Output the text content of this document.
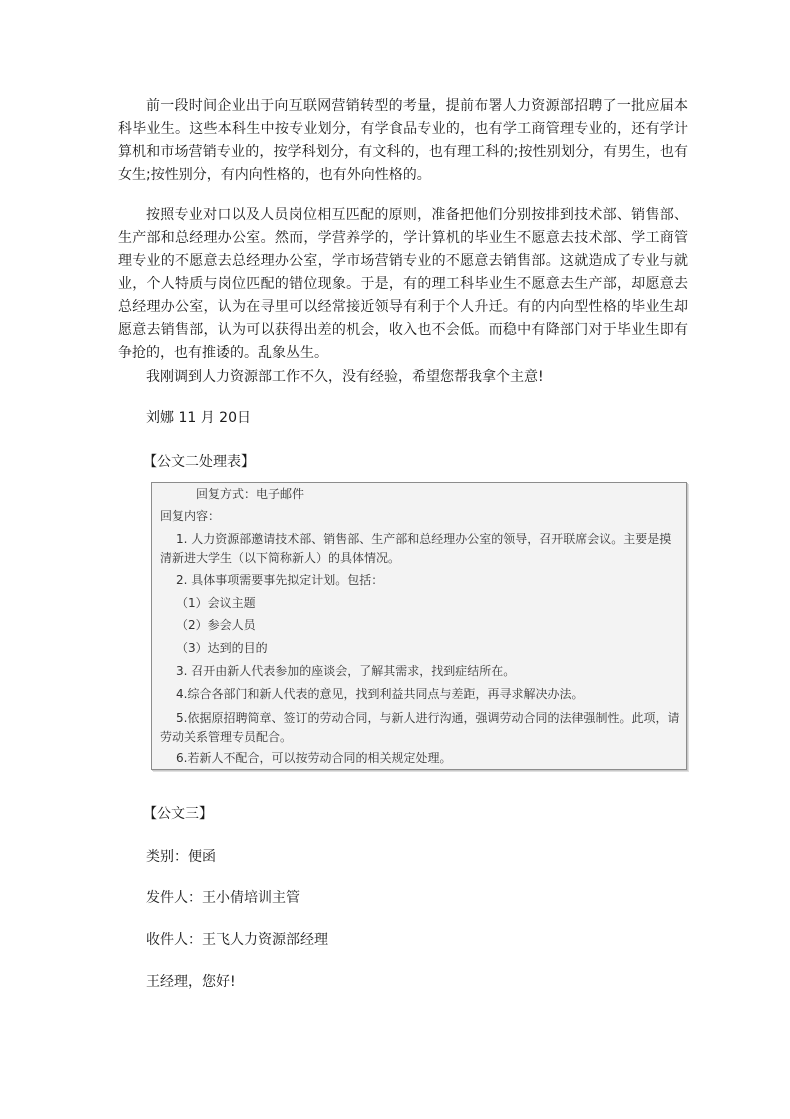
前一段时间企业出于向互联网营销转型的考量，提前布署人力资源部招聘了一批应届本科毕业生。这些本科生中按专业划分，有学食品专业的，也有学工商管理专业的，还有学计算机和市场营销专业的，按学科划分，有文科的，也有理工科的;按性别划分，有男生，也有女生;按性别分，有内向性格的，也有外向性格的。

按照专业对口以及人员岗位相互匹配的原则，准备把他们分别按排到技术部、销售部、生产部和总经理办公室。然而，学营养学的，学计算机的毕业生不愿意去技术部、学工商管理专业的不愿意去总经理办公室，学市场营销专业的不愿意去销售部。这就造成了专业与就业，个人特质与岗位匹配的错位现象。于是，有的理工科毕业生不愿意去生产部，却愿意去总经理办公室，认为在寻里可以经常接近领导有利于个人升迁。有的内向型性格的毕业生却愿意去销售部，认为可以获得出差的机会，收入也不会低。而稳中有降部门对于毕业生即有争抢的，也有推诿的。乱象丛生。

我刚调到人力资源部工作不久，没有经验，希望您帮我拿个主意!

刘娜 11 月 20日

【公文二处理表】

回复方式：电子邮件

回复内容：

1. 人力资源部邀请技术部、销售部、生产部和总经理办公室的领导，召开联席会议。主要是摸

清新进大学生（以下简称新人）的具体情况。

2. 具体事项需要事先拟定计划。包括：

（1）会议主题

（2）参会人员

（3）达到的目的

3. 召开由新人代表参加的座谈会，了解其需求，找到症结所在。

4.综合各部门和新人代表的意见，找到利益共同点与差距，再寻求解决办法。

5.依据原招聘简章、签订的劳动合同，与新人进行沟通，强调劳动合同的法律强制性。此项，请

劳动关系管理专员配合。

6.若新人不配合，可以按劳动合同的相关规定处理。

【公文三】

类别：便函

发件人：王小倩培训主管

收件人：王飞人力资源部经理

王经理，您好!
